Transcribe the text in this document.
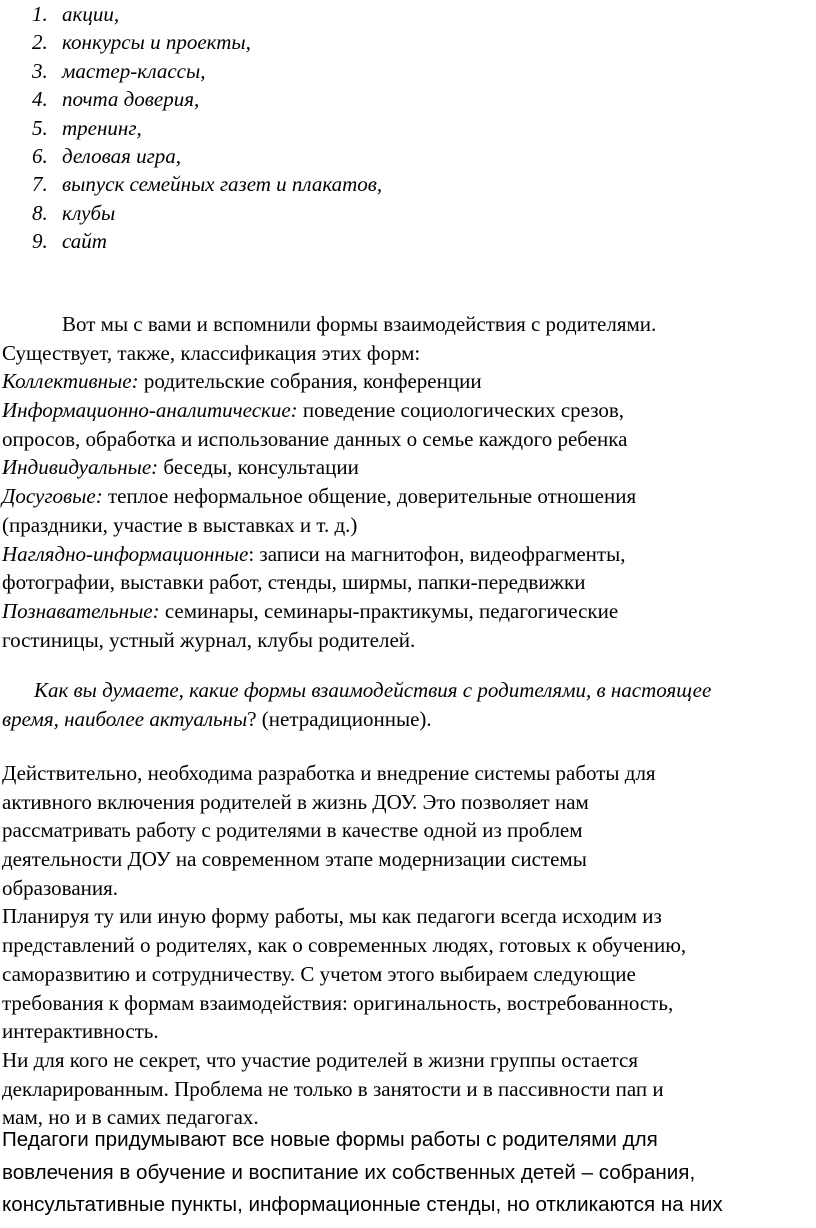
1. акции,
2. конкурсы и проекты,
3. мастер-классы,
4. почта доверия,
5. тренинг,
6. деловая игра,
7. выпуск семейных газет и плакатов,
8. клубы
9. сайт
Вот мы с вами и вспомнили формы взаимодействия с родителями.
Существует, также, классификация этих форм:
Коллективные: родительские собрания, конференции
Информационно-аналитические: поведение социологических срезов,
опросов, обработка и использование данных о семье каждого ребенка
Индивидуальные: беседы, консультации
Досуговые: теплое неформальное общение, доверительные отношения
(праздники, участие в выставках и т. д.)
Наглядно-информационные: записи на магнитофон, видеофрагменты,
фотографии, выставки работ, стенды, ширмы, папки-передвижки
Познавательные: семинары, семинары-практикумы, педагогические
гостиницы, устный журнал, клубы родителей.
Как вы думаете, какие формы взаимодействия с родителями, в настоящее
время, наиболее актуальны? (нетрадиционные).
Действительно, необходима разработка и внедрение системы работы для
активного включения родителей в жизнь ДОУ. Это позволяет нам
рассматривать работу с родителями в качестве одной из проблем
деятельности ДОУ на современном этапе модернизации системы
образования.
Планируя ту или иную форму работы, мы как педагоги всегда исходим из
представлений о родителях, как о современных людях, готовых к обучению,
саморазвитию и сотрудничеству. С учетом этого выбираем следующие
требования к формам взаимодействия: оригинальность, востребованность,
интерактивность.
Ни для кого не секрет, что участие родителей в жизни группы остается
декларированным. Проблема не только в занятости и в пассивности пап и
мам, но и в самих педагогах.
Педагоги придумывают все новые формы работы с родителями для
вовлечения в обучение и воспитание их собственных детей – собрания,
консультативные пункты, информационные стенды, но откликаются на них
